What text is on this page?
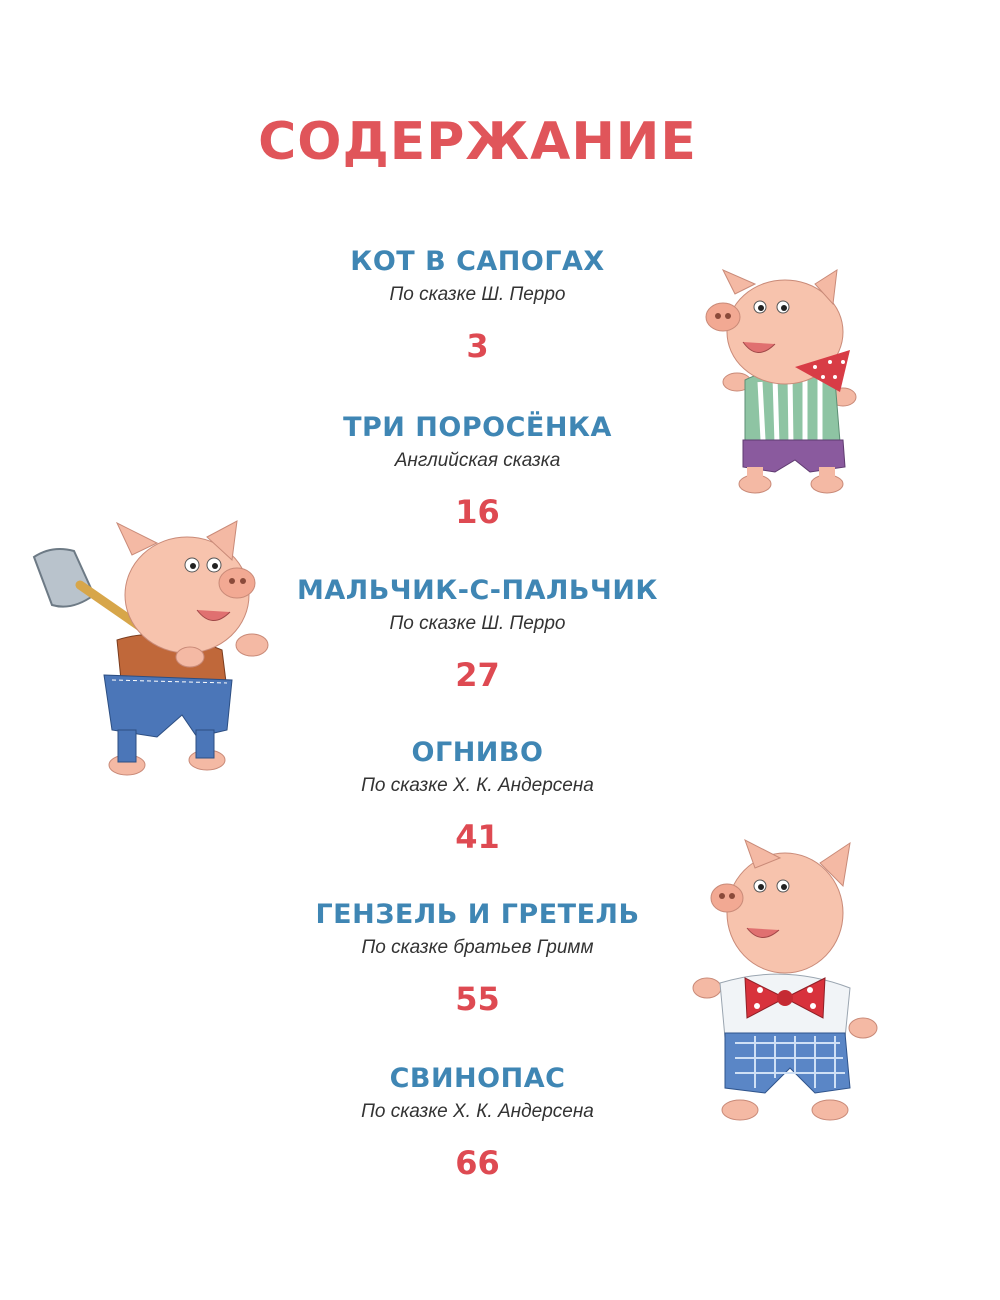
СОДЕРЖАНИЕ
КОТ В САПОГАХ
По сказке Ш. Перро
3
ТРИ ПОРОСЁНКА
Английская сказка
16
МАЛЬЧИК-С-ПАЛЬЧИК
По сказке Ш. Перро
27
ОГНИВО
По сказке Х. К. Андерсена
41
ГЕНЗЕЛЬ И ГРЕТЕЛЬ
По сказке братьев Гримм
55
СВИНОПАС
По сказке Х. К. Андерсена
66
